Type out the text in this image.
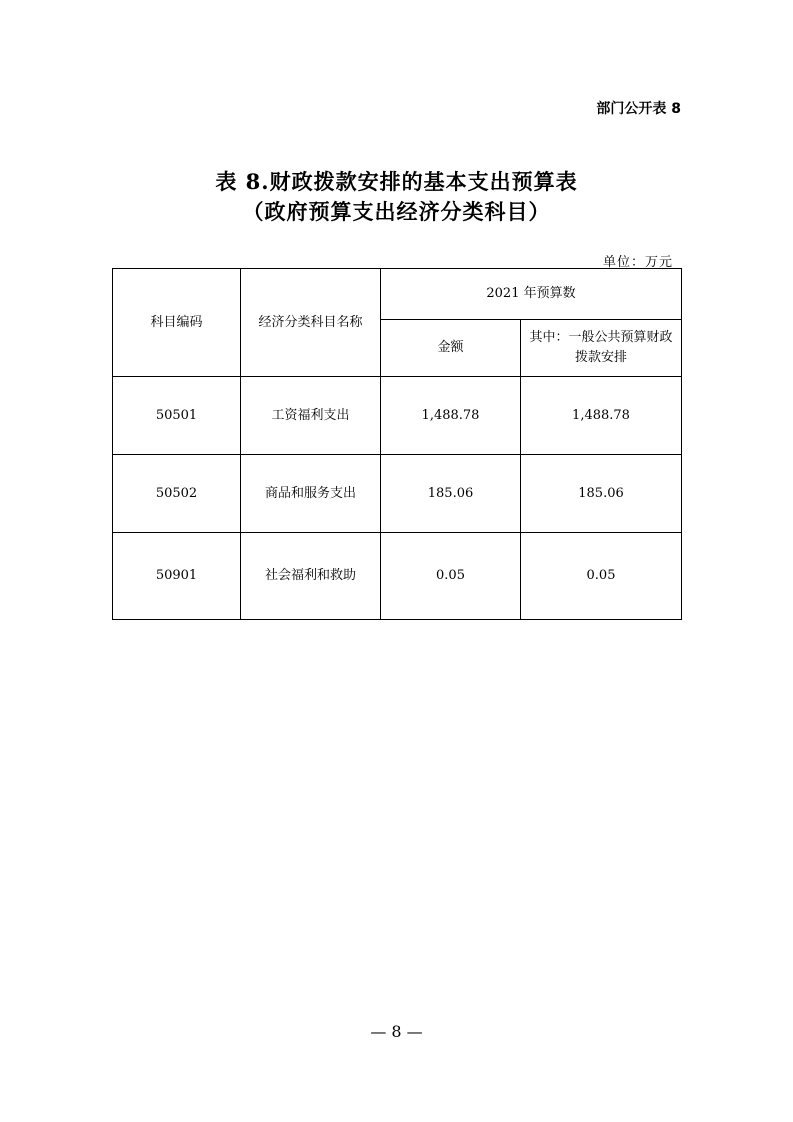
部门公开表 8
表 8.财政拨款安排的基本支出预算表
（政府预算支出经济分类科目）
单位：万元
科目编码	经济分类科目名称	2021 年预算数	
		金额	其中：一般公共预算财政拨款安排
50501	工资福利支出	1,488.78	1,488.78
50502	商品和服务支出	185.06	185.06
50901	社会福利和救助	0.05	0.05
— 8 —
